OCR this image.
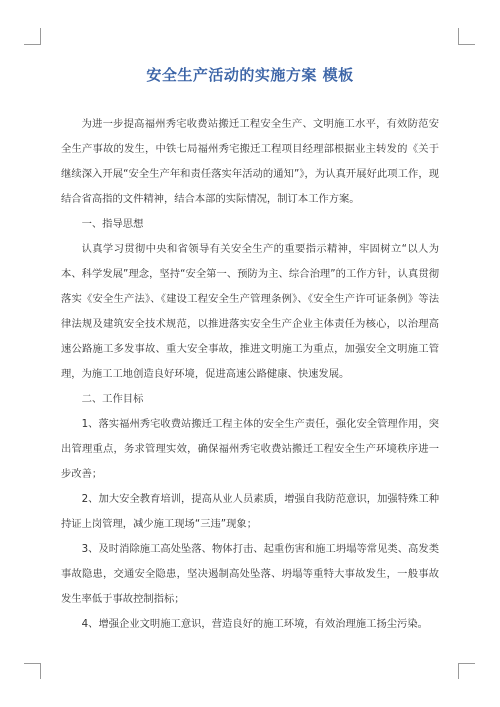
安全生产活动的实施方案 模板

为进一步提高福州秀宅收费站搬迁工程安全生产、文明施工水平，有效防范安全生产事故的发生，中铁七局福州秀宅搬迁工程项目经理部根据业主转发的《关于继续深入开展“安全生产年和责任落实年活动的通知”》，为认真开展好此项工作，现结合省高指的文件精神，结合本部的实际情况，制订本工作方案。

一、指导思想

认真学习贯彻中央和省领导有关安全生产的重要指示精神，牢固树立“以人为本、科学发展”理念，坚持“安全第一、预防为主、综合治理”的工作方针，认真贯彻落实《安全生产法》、《建设工程安全生产管理条例》、《安全生产许可证条例》等法律法规及建筑安全技术规范，以推进落实安全生产企业主体责任为核心，以治理高速公路施工多发事故、重大安全事故，推进文明施工为重点，加强安全文明施工管理，为施工工地创造良好环境，促进高速公路健康、快速发展。

二、工作目标

1、落实福州秀宅收费站搬迁工程主体的安全生产责任，强化安全管理作用，突出管理重点，务求管理实效，确保福州秀宅收费站搬迁工程安全生产环境秩序进一步改善；

2、加大安全教育培训，提高从业人员素质，增强自我防范意识，加强特殊工种持证上岗管理，减少施工现场“三违”现象；

3、及时消除施工高处坠落、物体打击、起重伤害和施工坍塌等常见类、高发类事故隐患，交通安全隐患，坚决遏制高处坠落、坍塌等重特大事故发生，一般事故发生率低于事故控制指标；

4、增强企业文明施工意识，营造良好的施工环境，有效治理施工扬尘污染。
